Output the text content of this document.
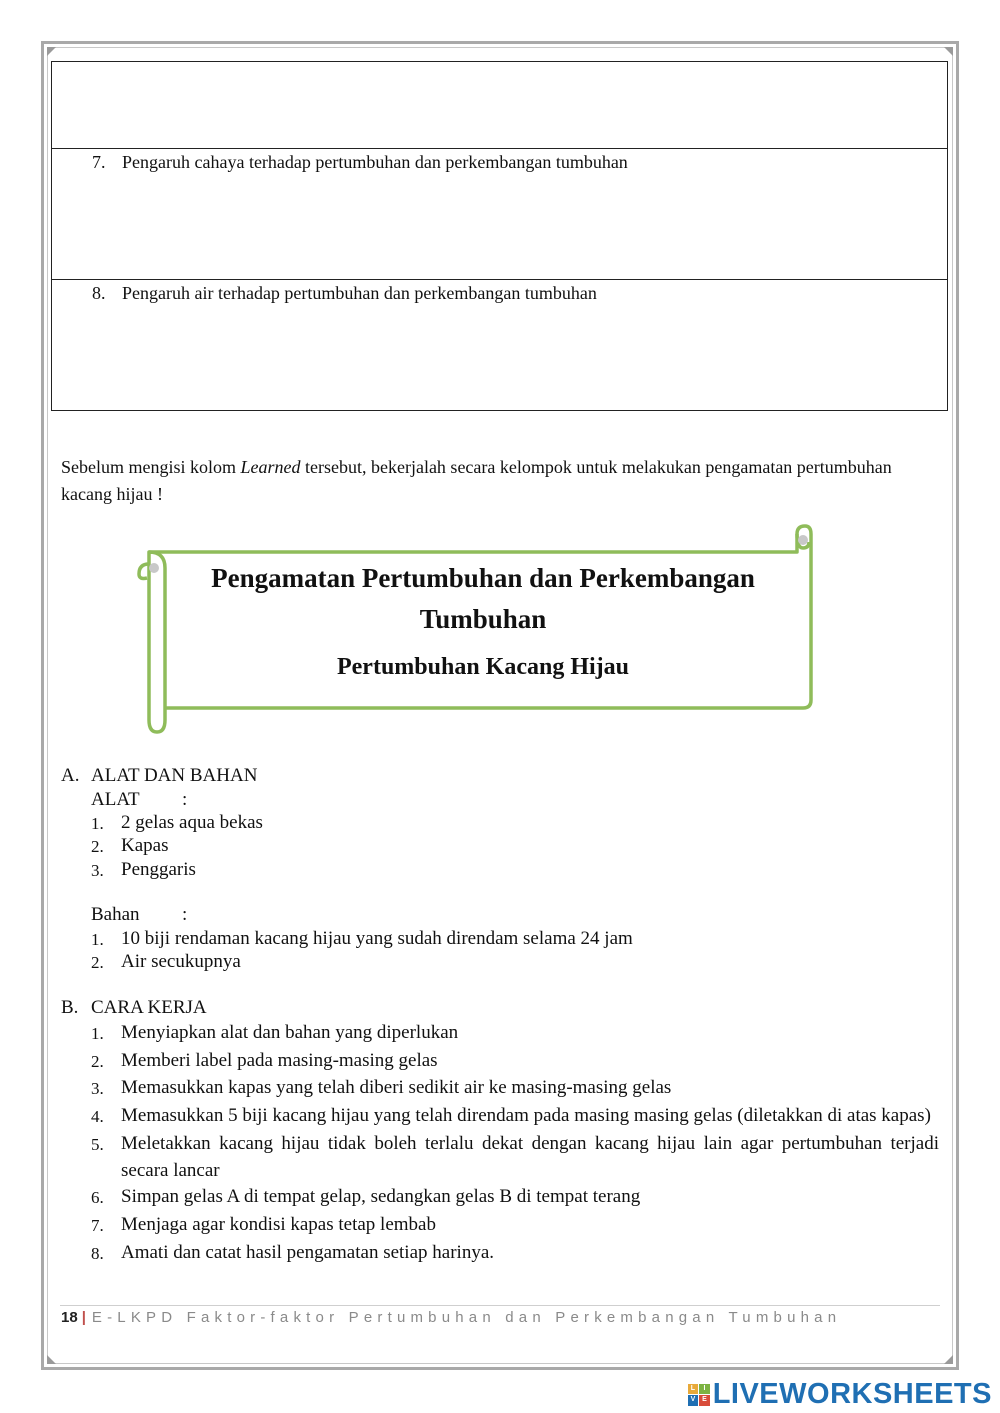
7. Pengaruh cahaya terhadap pertumbuhan dan perkembangan tumbuhan

8. Pengaruh air terhadap pertumbuhan dan perkembangan tumbuhan
Sebelum mengisi kolom Learned tersebut, bekerjalah secara kelompok untuk melakukan pengamatan pertumbuhan kacang hijau !
Pengamatan Pertumbuhan dan Perkembangan Tumbuhan
Pertumbuhan Kacang Hijau
A. ALAT DAN BAHAN
ALAT	:
1. 2 gelas aqua bekas
2. Kapas
3. Penggaris
Bahan	:
1. 10 biji rendaman kacang hijau yang sudah direndam selama 24 jam
2. Air secukupnya
B. CARA KERJA
1. Menyiapkan alat dan bahan yang diperlukan
2. Memberi label pada masing-masing gelas
3. Memasukkan kapas yang telah diberi sedikit air ke masing-masing gelas
4. Memasukkan 5 biji kacang hijau yang telah direndam pada masing masing gelas (diletakkan di atas kapas)
5. Meletakkan kacang hijau tidak boleh terlalu dekat dengan kacang hijau lain agar pertumbuhan terjadi secara lancar
6. Simpan gelas A di tempat gelap, sedangkan gelas B di tempat terang
7. Menjaga agar kondisi kapas tetap lembab
8. Amati dan catat hasil pengamatan setiap harinya.
18 | E-LKPD Faktor-faktor Pertumbuhan dan Perkembangan Tumbuhan
L	I
V E LIVEWORKSHEETS
